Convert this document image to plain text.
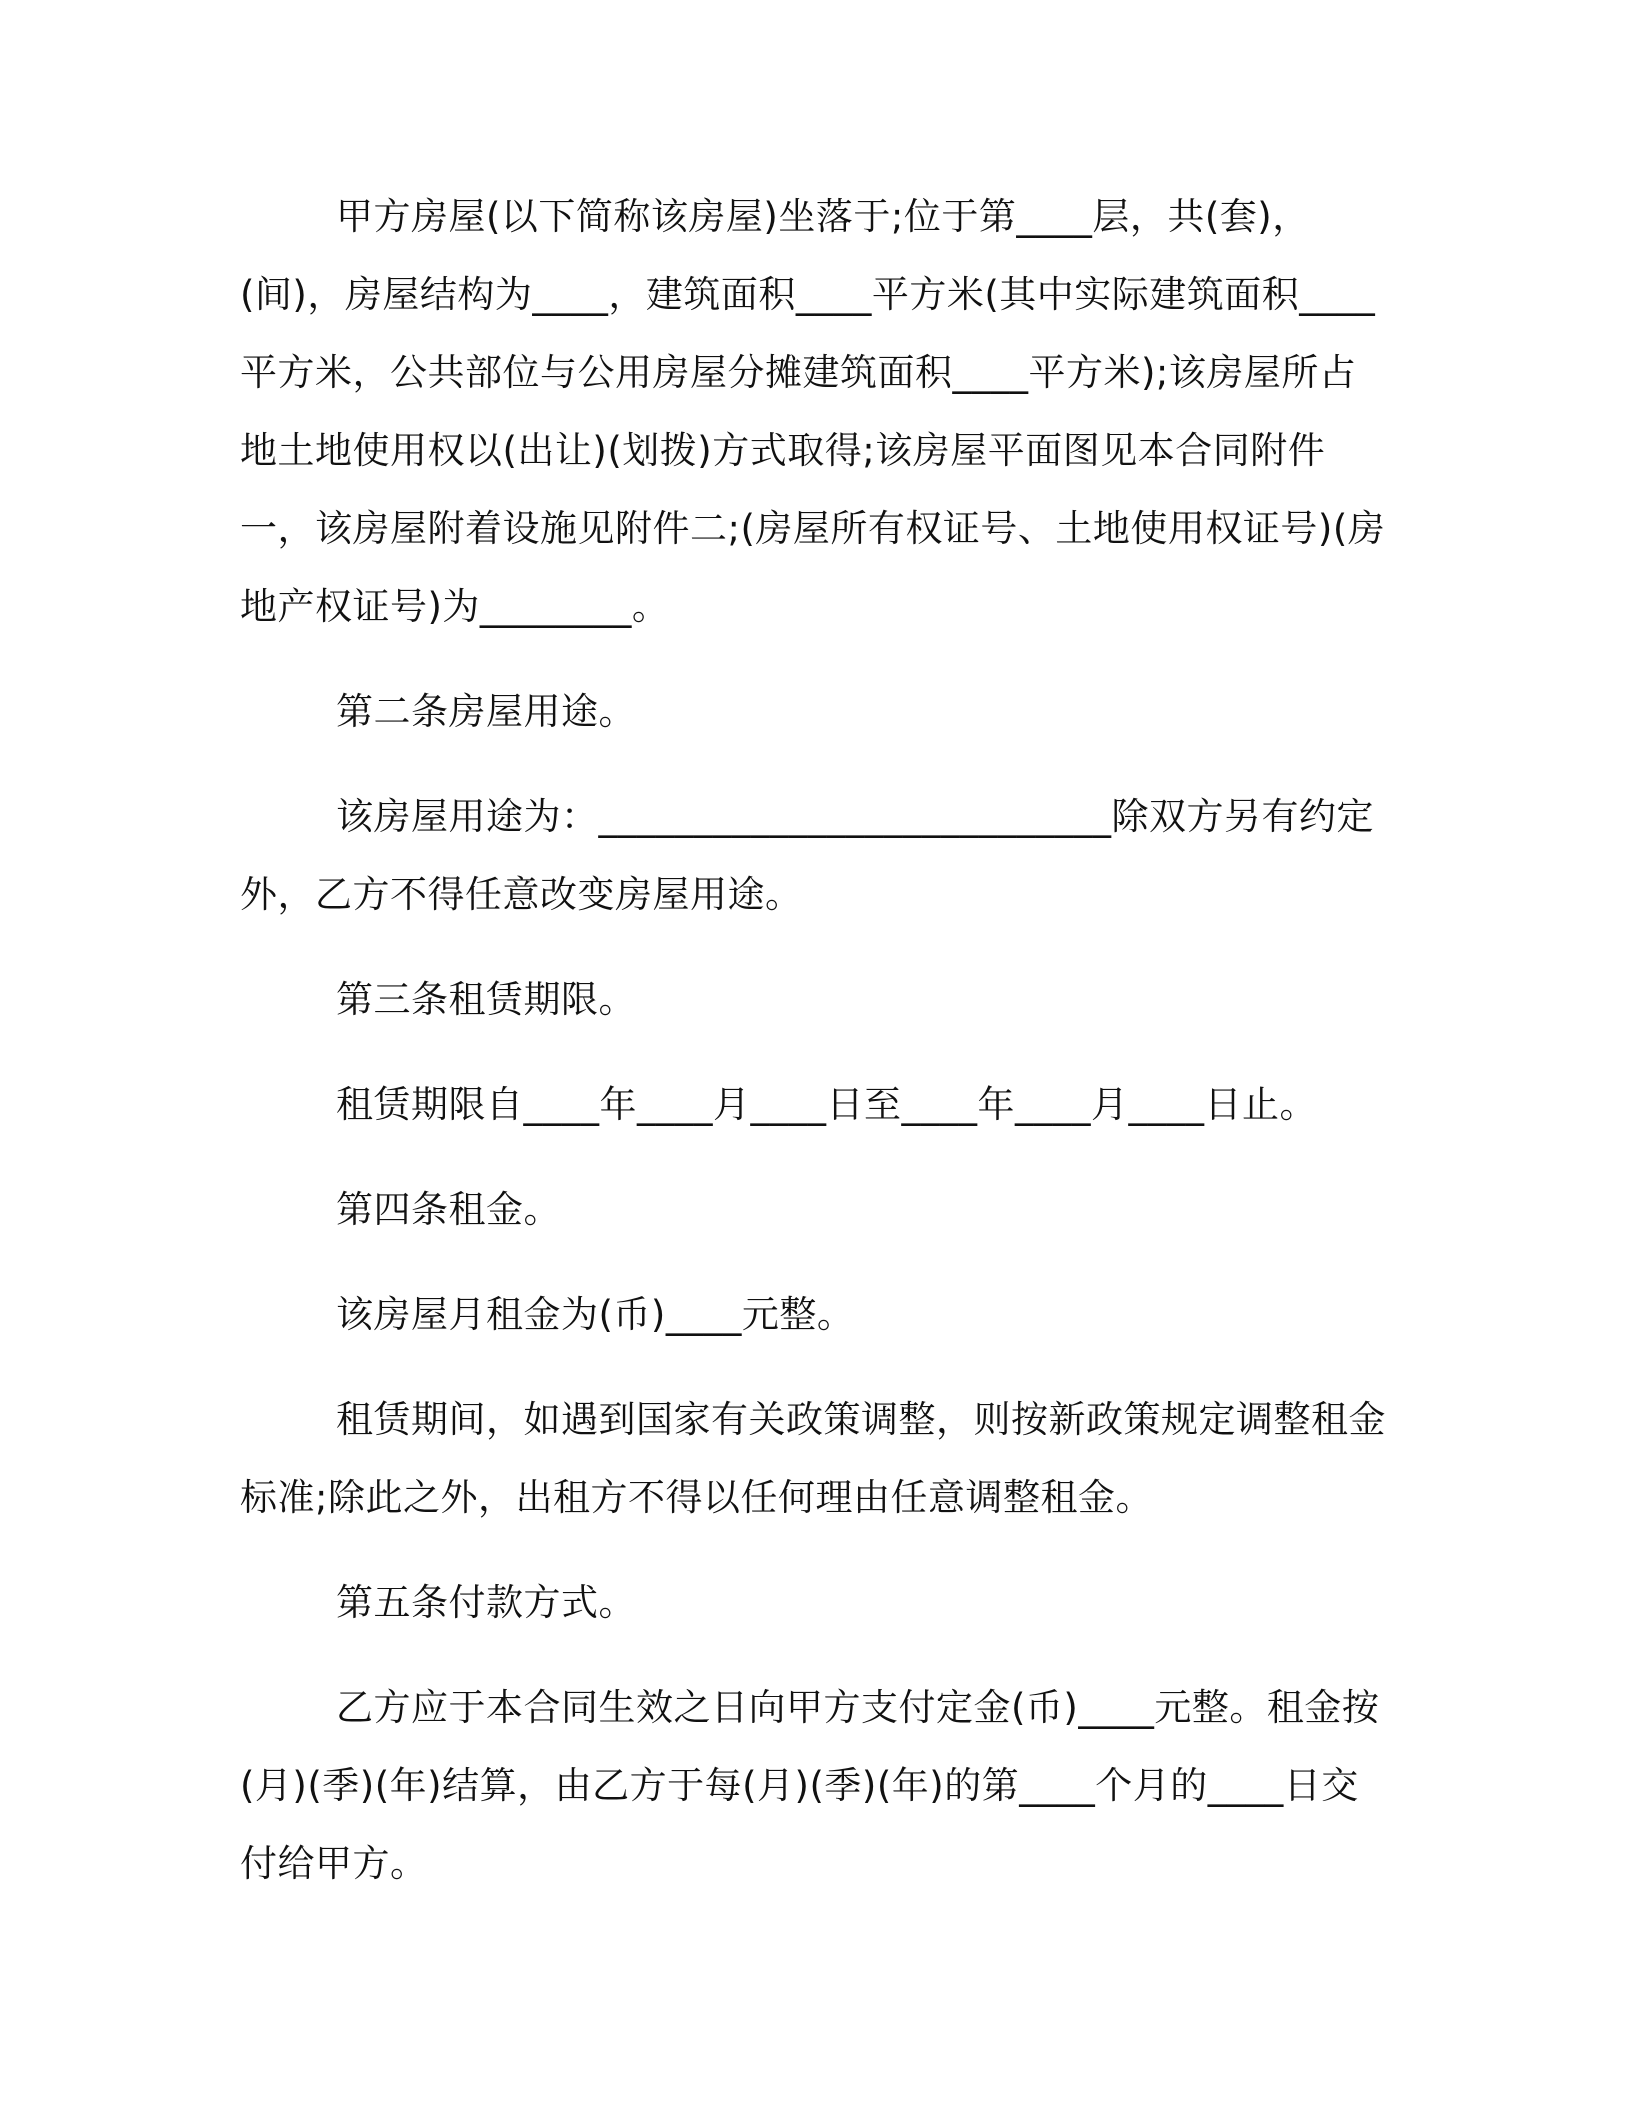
甲方房屋(以下简称该房屋)坐落于;位于第____层，共(套)，(间)，房屋结构为____，建筑面积____平方米(其中实际建筑面积____平方米，公共部位与公用房屋分摊建筑面积____平方米);该房屋所占地土地使用权以(出让)(划拨)方式取得;该房屋平面图见本合同附件一，该房屋附着设施见附件二;(房屋所有权证号、土地使用权证号)(房地产权证号)为________。

第二条房屋用途。

该房屋用途为：___________________________除双方另有约定外，乙方不得任意改变房屋用途。

第三条租赁期限。

租赁期限自____年____月____日至____年____月____日止。

第四条租金。

该房屋月租金为(币)____元整。

租赁期间，如遇到国家有关政策调整，则按新政策规定调整租金标准;除此之外，出租方不得以任何理由任意调整租金。

第五条付款方式。

乙方应于本合同生效之日向甲方支付定金(币)____元整。租金按(月)(季)(年)结算，由乙方于每(月)(季)(年)的第____个月的____日交付给甲方。
